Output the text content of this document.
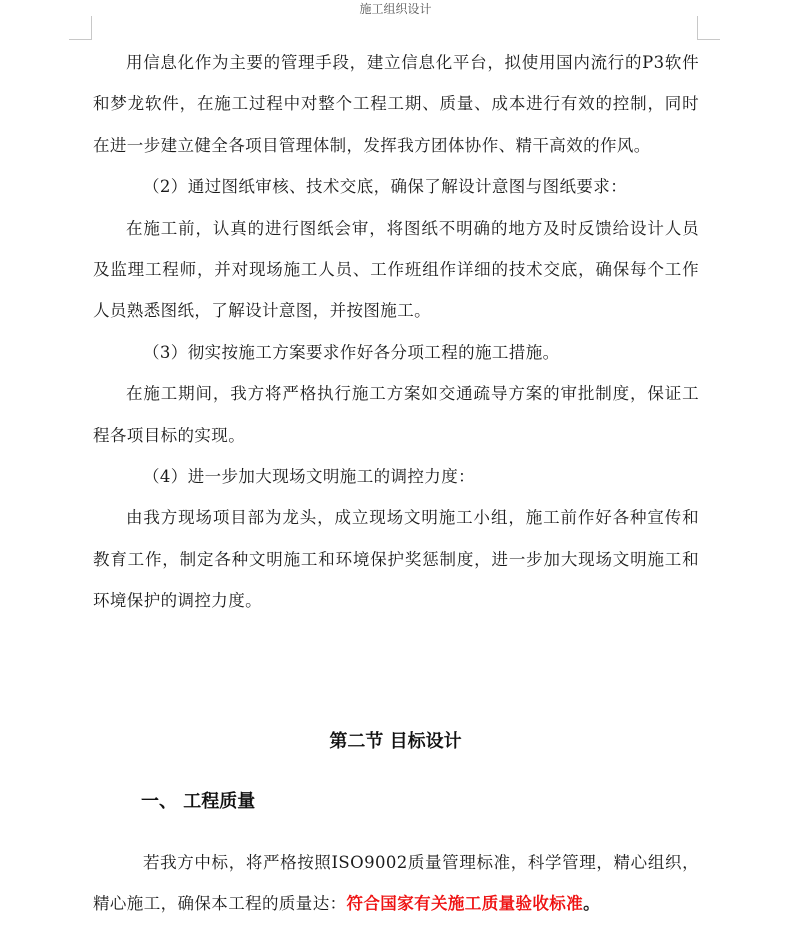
施工组织设计

用信息化作为主要的管理手段，建立信息化平台，拟使用国内流行的P3软件和梦龙软件，在施工过程中对整个工程工期、质量、成本进行有效的控制，同时在进一步建立健全各项目管理体制，发挥我方团体协作、精干高效的作风。

（2）通过图纸审核、技术交底，确保了解设计意图与图纸要求：

在施工前，认真的进行图纸会审，将图纸不明确的地方及时反馈给设计人员及监理工程师，并对现场施工人员、工作班组作详细的技术交底，确保每个工作人员熟悉图纸，了解设计意图，并按图施工。

（3）彻实按施工方案要求作好各分项工程的施工措施。

在施工期间，我方将严格执行施工方案如交通疏导方案的审批制度，保证工程各项目标的实现。

（4）进一步加大现场文明施工的调控力度：

由我方现场项目部为龙头，成立现场文明施工小组，施工前作好各种宣传和教育工作，制定各种文明施工和环境保护奖惩制度，进一步加大现场文明施工和环境保护的调控力度。

第二节 目标设计
一、 工程质量

若我方中标，将严格按照ISO9002质量管理标准，科学管理，精心组织，精心施工，确保本工程的质量达：符合国家有关施工质量验收标准。
